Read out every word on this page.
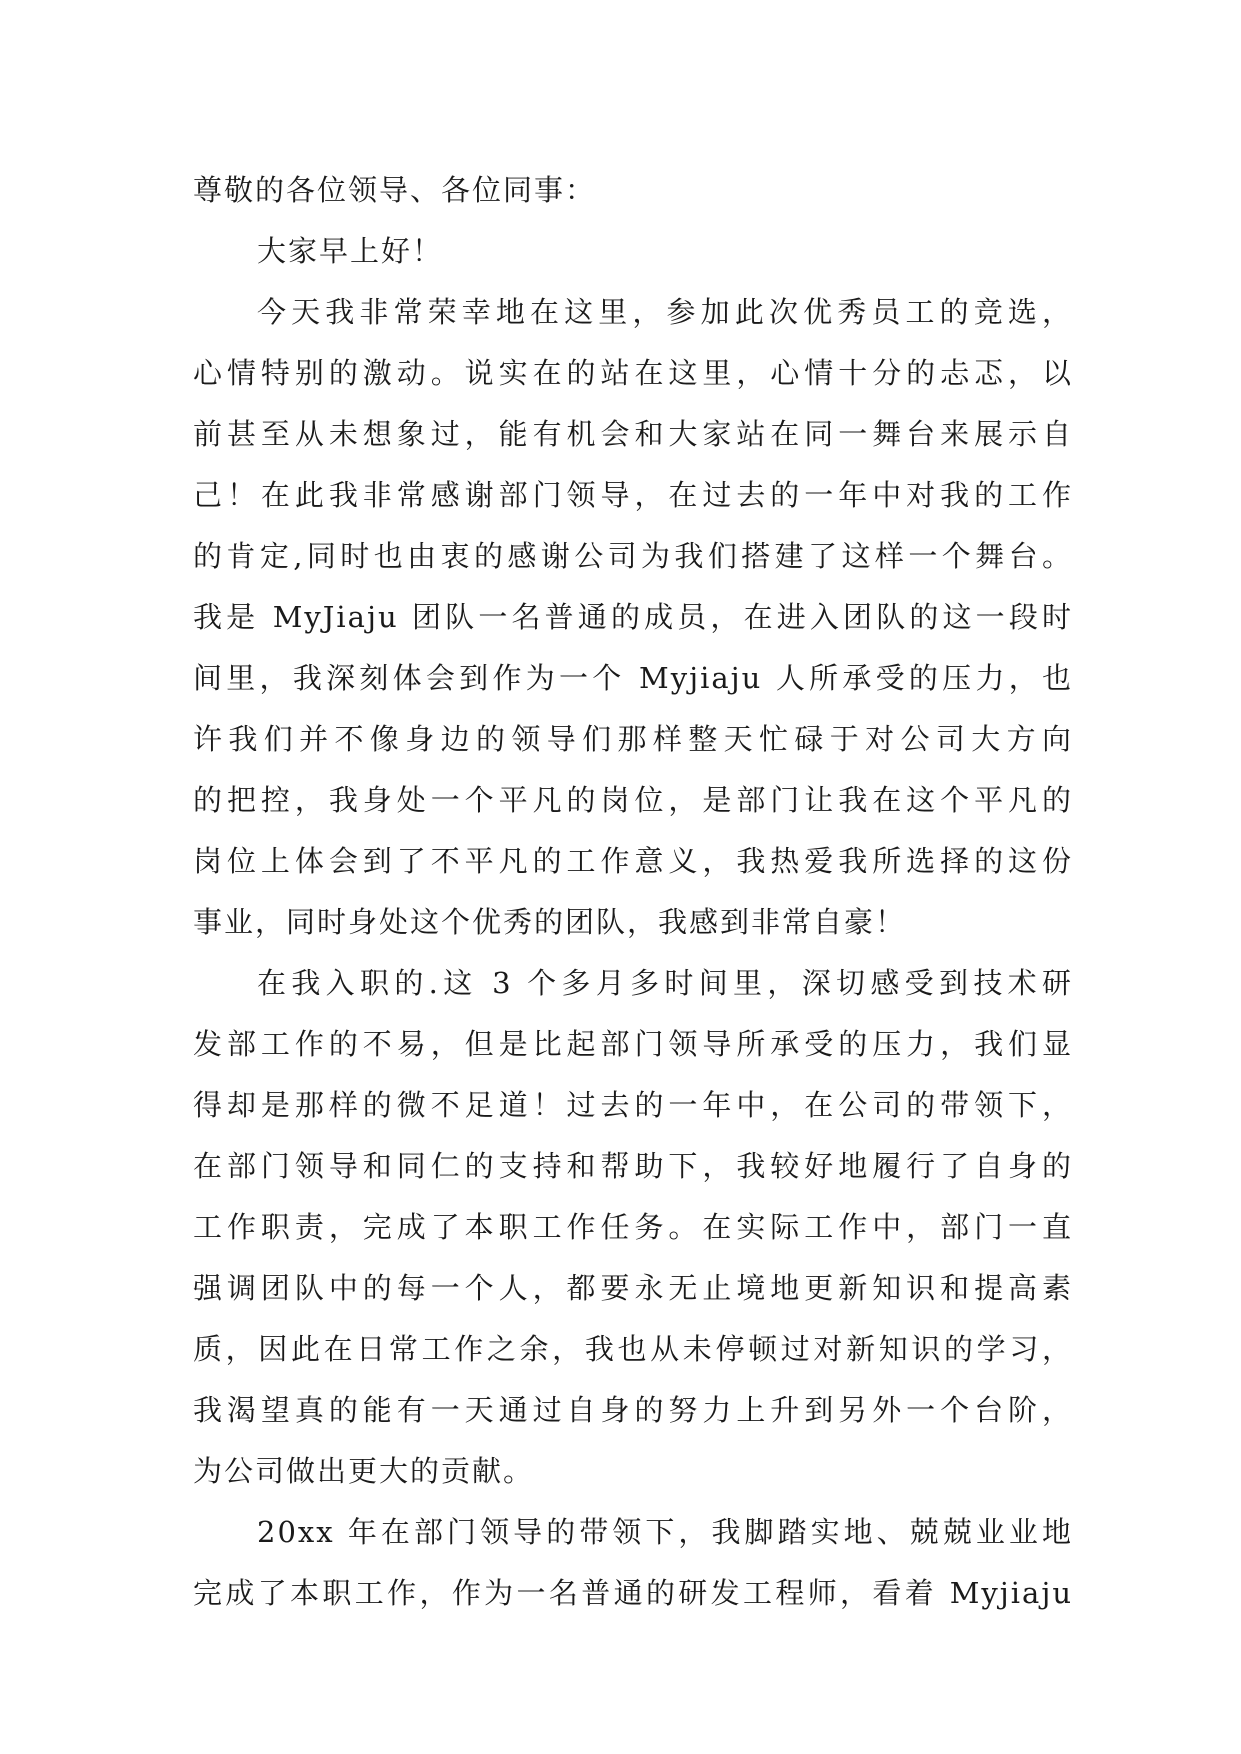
尊敬的各位领导、各位同事：
大家早上好！
今天我非常荣幸地在这里，参加此次优秀员工的竞选，
心情特别的激动。说实在的站在这里，心情十分的忐忑，以
前甚至从未想象过，能有机会和大家站在同一舞台来展示自
己！在此我非常感谢部门领导，在过去的一年中对我的工作
的肯定,同时也由衷的感谢公司为我们搭建了这样一个舞台。
我是 MyJiaju 团队一名普通的成员，在进入团队的这一段时
间里，我深刻体会到作为一个 Myjiaju 人所承受的压力，也
许我们并不像身边的领导们那样整天忙碌于对公司大方向
的把控，我身处一个平凡的岗位，是部门让我在这个平凡的
岗位上体会到了不平凡的工作意义，我热爱我所选择的这份
事业，同时身处这个优秀的团队，我感到非常自豪！
在我入职的.这 3 个多月多时间里，深切感受到技术研
发部工作的不易，但是比起部门领导所承受的压力，我们显
得却是那样的微不足道！过去的一年中，在公司的带领下，
在部门领导和同仁的支持和帮助下，我较好地履行了自身的
工作职责，完成了本职工作任务。在实际工作中，部门一直
强调团队中的每一个人，都要永无止境地更新知识和提高素
质，因此在日常工作之余，我也从未停顿过对新知识的学习，
我渴望真的能有一天通过自身的努力上升到另外一个台阶，
为公司做出更大的贡献。
20xx 年在部门领导的带领下，我脚踏实地、兢兢业业地
完成了本职工作，作为一名普通的研发工程师，看着 Myjiaju
